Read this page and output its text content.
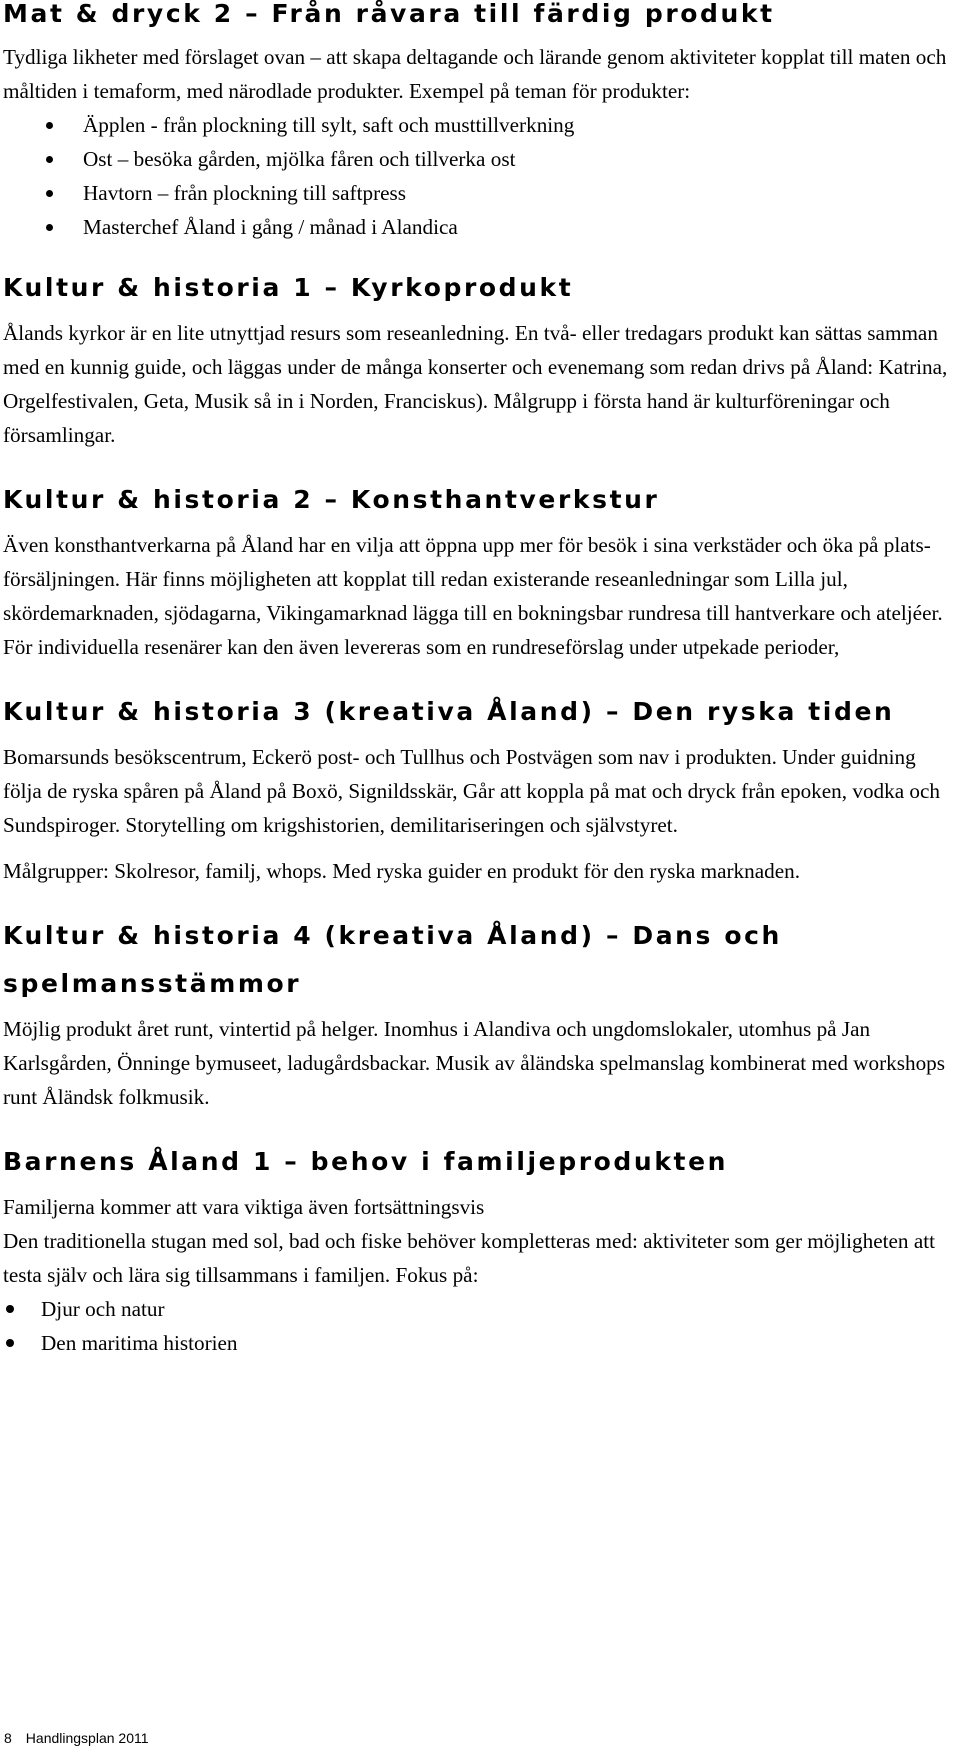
Mat & dryck 2 – Från råvara till färdig produkt

Tydliga likheter med förslaget ovan – att skapa deltagande och lärande genom aktiviteter kopplat till maten och måltiden i temaform, med närodlade produkter. Exempel på teman för produkter:

Äpplen - från plockning till sylt, saft och musttillverkning
Ost – besöka gården, mjölka fåren och tillverka ost
Havtorn – från plockning till saftpress
Masterchef Åland i gång / månad i Alandica
Kultur & historia 1 – Kyrkoprodukt

Ålands kyrkor är en lite utnyttjad resurs som reseanledning. En två- eller tredagars produkt kan sättas samman med en kunnig guide, och läggas under de många konserter och evenemang som redan drivs på Åland: Katrina, Orgelfestivalen, Geta, Musik så in i Norden, Franciskus). Målgrupp i första hand är kulturföreningar och församlingar.

Kultur & historia 2 – Konsthantverkstur

Även konsthantverkarna på Åland har en vilja att öppna upp mer för besök i sina verkstäder och öka på plats-försäljningen. Här finns möjligheten att kopplat till redan existerande reseanledningar som Lilla jul, skördemarknaden, sjödagarna, Vikingamarknad lägga till en bokningsbar rundresa till hantverkare och ateljéer. För individuella resenärer kan den även levereras som en rundreseförslag under utpekade perioder,

Kultur & historia 3 (kreativa Åland) – Den ryska tiden

Bomarsunds besökscentrum, Eckerö post- och Tullhus och Postvägen som nav i produkten. Under guidning följa de ryska spåren på Åland på Boxö, Signildsskär, Går att koppla på mat och dryck från epoken, vodka och Sundspiroger. Storytelling om krigshistorien, demilitariseringen och självstyret.

Målgrupper: Skolresor, familj, whops. Med ryska guider en produkt för den ryska marknaden.

Kultur & historia 4 (kreativa Åland) – Dans och spelmansstämmor

Möjlig produkt året runt, vintertid på helger. Inomhus i Alandiva och ungdomslokaler, utomhus på Jan Karlsgården, Önninge bymuseet, ladugårdsbackar. Musik av åländska spelmanslag kombinerat med workshops runt Åländsk folkmusik.

Barnens Åland 1 – behov i familjeprodukten

Familjerna kommer att vara viktiga även fortsättningsvis

Den traditionella stugan med sol, bad och fiske behöver kompletteras med: aktiviteter som ger möjligheten att testa själv och lära sig tillsammans i familjen. Fokus på:

Djur och natur
Den maritima historien
8 Handlingsplan 2011
